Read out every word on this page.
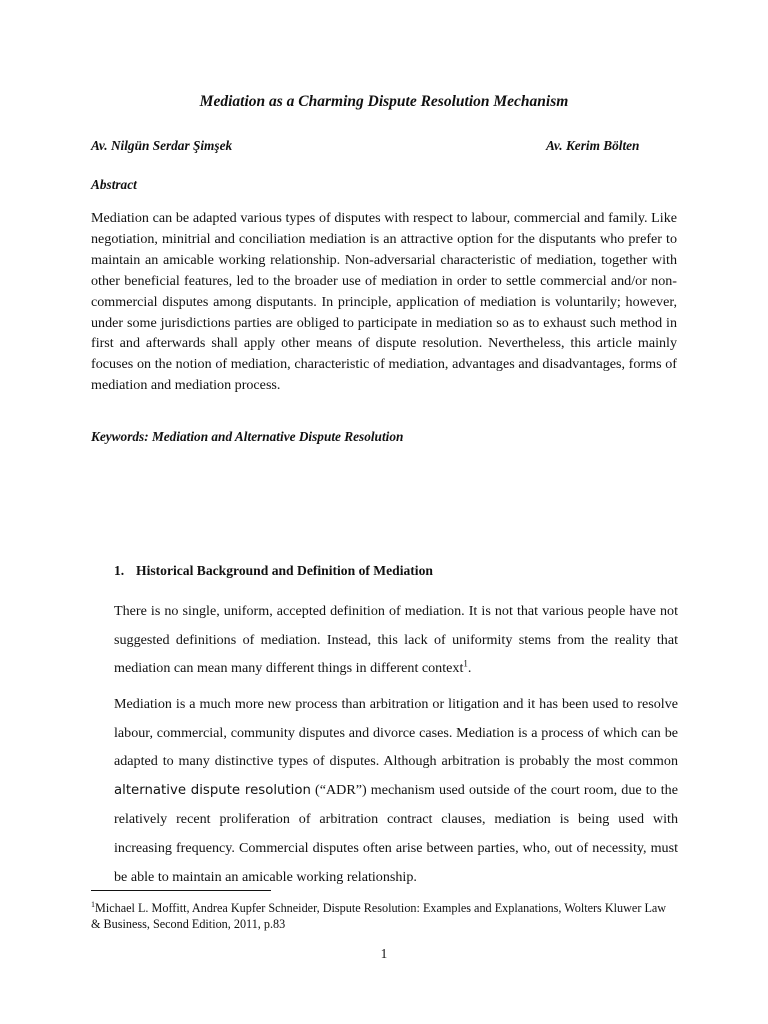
Mediation as a Charming Dispute Resolution Mechanism
Av. Nilgün Serdar Şimşek	Av. Kerim Bölten
Abstract

Mediation can be adapted various types of disputes with respect to labour, commercial and family. Like negotiation, minitrial and conciliation mediation is an attractive option for the disputants who prefer to maintain an amicable working relationship. Non-adversarial characteristic of mediation, together with other beneficial features, led to the broader use of mediation in order to settle commercial and/or non-commercial disputes among disputants. In principle, application of mediation is voluntarily; however, under some jurisdictions parties are obliged to participate in mediation so as to exhaust such method in first and afterwards shall apply other means of dispute resolution. Nevertheless, this article mainly focuses on the notion of mediation, characteristic of mediation, advantages and disadvantages, forms of mediation and mediation process.

Keywords: Mediation and Alternative Dispute Resolution
1. Historical Background and Definition of Mediation

There is no single, uniform, accepted definition of mediation. It is not that various people have not suggested definitions of mediation. Instead, this lack of uniformity stems from the reality that mediation can mean many different things in different context$^1$.

Mediation is a much more new process than arbitration or litigation and it has been used to resolve labour, commercial, community disputes and divorce cases. Mediation is a process of which can be adapted to many distinctive types of disputes. Although arbitration is probably the most common alternative dispute resolution (“ADR”) mechanism used outside of the court room, due to the relatively recent proliferation of arbitration contract clauses, mediation is being used with increasing frequency. Commercial disputes often arise between parties, who, out of necessity, must be able to maintain an amicable working relationship.

$^1$Michael L. Moffitt, Andrea Kupfer Schneider, Dispute Resolution: Examples and Explanations, Wolters Kluwer Law & Business, Second Edition, 2011, p.83

1
